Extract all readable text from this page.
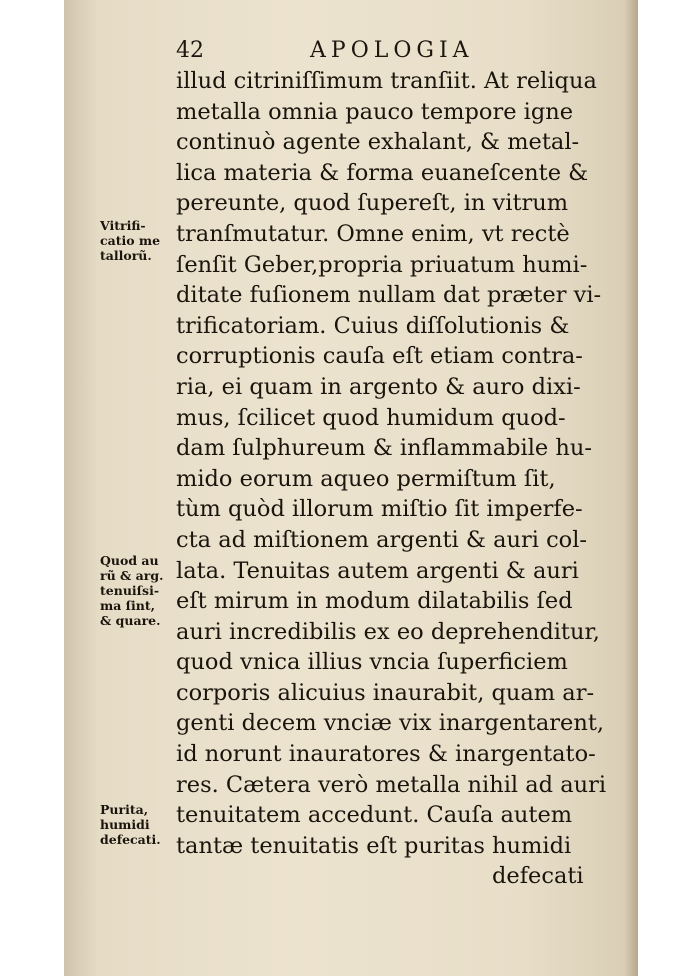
42	APOLOGIA
illud citriniſſimum tranſiit. At reliqua
metalla omnia pauco tempore igne
continuò agente exhalant, & metal-
lica materia & forma euaneſcente &
pereunte, quod ſupereſt, in vitrum
tranſmutatur. Omne enim, vt rectè
ſenſit Geber,propria priuatum humi-
ditate fuſionem nullam dat præter vi-
trificatoriam. Cuius diſſolutionis &
corruptionis cauſa eſt etiam contra-
ria, ei quam in argento & auro dixi-
mus, ſcilicet quod humidum quod-
dam ſulphureum & inflammabile hu-
mido eorum aqueo permiſtum ſit,
tùm quòd illorum miſtio ſit imperfe-
cta ad miſtionem argenti & auri col-
lata. Tenuitas autem argenti & auri
eſt mirum in modum dilatabilis ſed
auri incredibilis ex eo deprehenditur,
quod vnica illius vncia ſuperficiem
corporis alicuius inaurabit, quam ar-
genti decem vnciæ vix inargentarent,
id norunt inauratores & inargentato-
res. Cætera verò metalla nihil ad auri
tenuitatem accedunt. Cauſa autem
tantæ tenuitatis eſt puritas humidi
defecati
Vitrifi-
catio me
tallorũ.
Quod au
rũ & arg.
tenuiſsi-
ma ſint,
& quare.
Purita,
humidi
defecati.
